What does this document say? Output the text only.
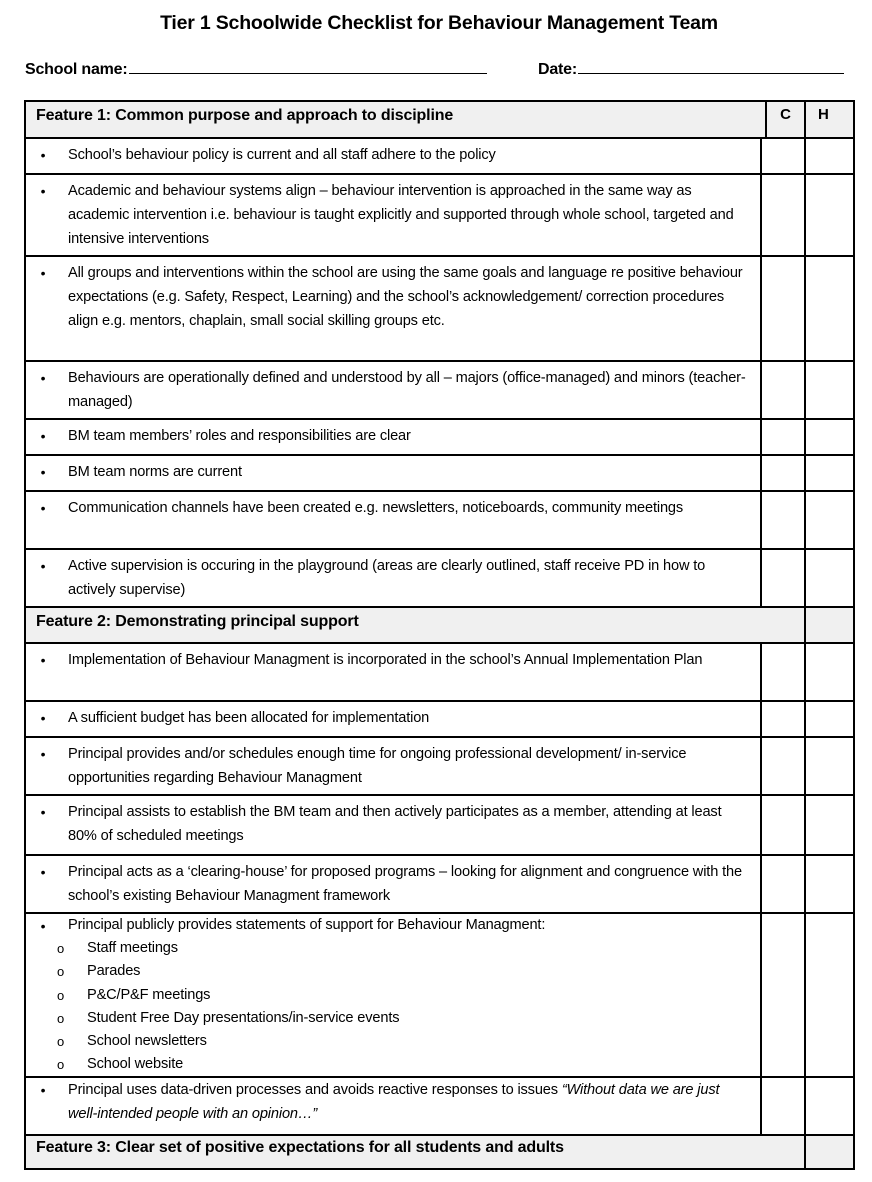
Tier 1 Schoolwide Checklist for Behaviour Management Team
School name:	Date:
Feature 1: Common purpose and approach to discipline	C	H
•	School’s behaviour policy is current and all staff adhere to the policy
•	Academic and behaviour systems align – behaviour intervention is approached in the same way as academic intervention i.e. behaviour is taught explicitly and supported through whole school, targeted and intensive interventions
•	All groups and interventions within the school are using the same goals and language re positive behaviour expectations (e.g. Safety, Respect, Learning) and the school’s acknowledgement/ correction procedures align e.g. mentors, chaplain, small social skilling groups etc.
•	Behaviours are operationally defined and understood by all – majors (office-managed) and minors (teacher-managed)
•	BM team members’ roles and responsibilities are clear
•	BM team norms are current
•	Communication channels have been created e.g. newsletters, noticeboards, community meetings
•	Active supervision is occuring in the playground (areas are clearly outlined, staff receive PD in how to actively supervise)
Feature 2: Demonstrating principal support
•	Implementation of Behaviour Managment is incorporated in the school’s Annual Implementation Plan
•	A sufficient budget has been allocated for implementation
•	Principal provides and/or schedules enough time for ongoing professional development/ in-service opportunities regarding Behaviour Managment
•	Principal assists to establish the BM team and then actively participates as a member, attending at least 80% of scheduled meetings
•	Principal acts as a ‘clearing-house’ for proposed programs – looking for alignment and congruence with the school’s existing Behaviour Managment framework
•	Principal publicly provides statements of support for Behaviour Managment:
o Staff meetings
o Parades
o P&C/P&F meetings
o Student Free Day presentations/in-service events
o School newsletters
o School website
•	Principal uses data-driven processes and avoids reactive responses to issues “Without data we are just well-intended people with an opinion…”
Feature 3: Clear set of positive expectations for all students and adults
